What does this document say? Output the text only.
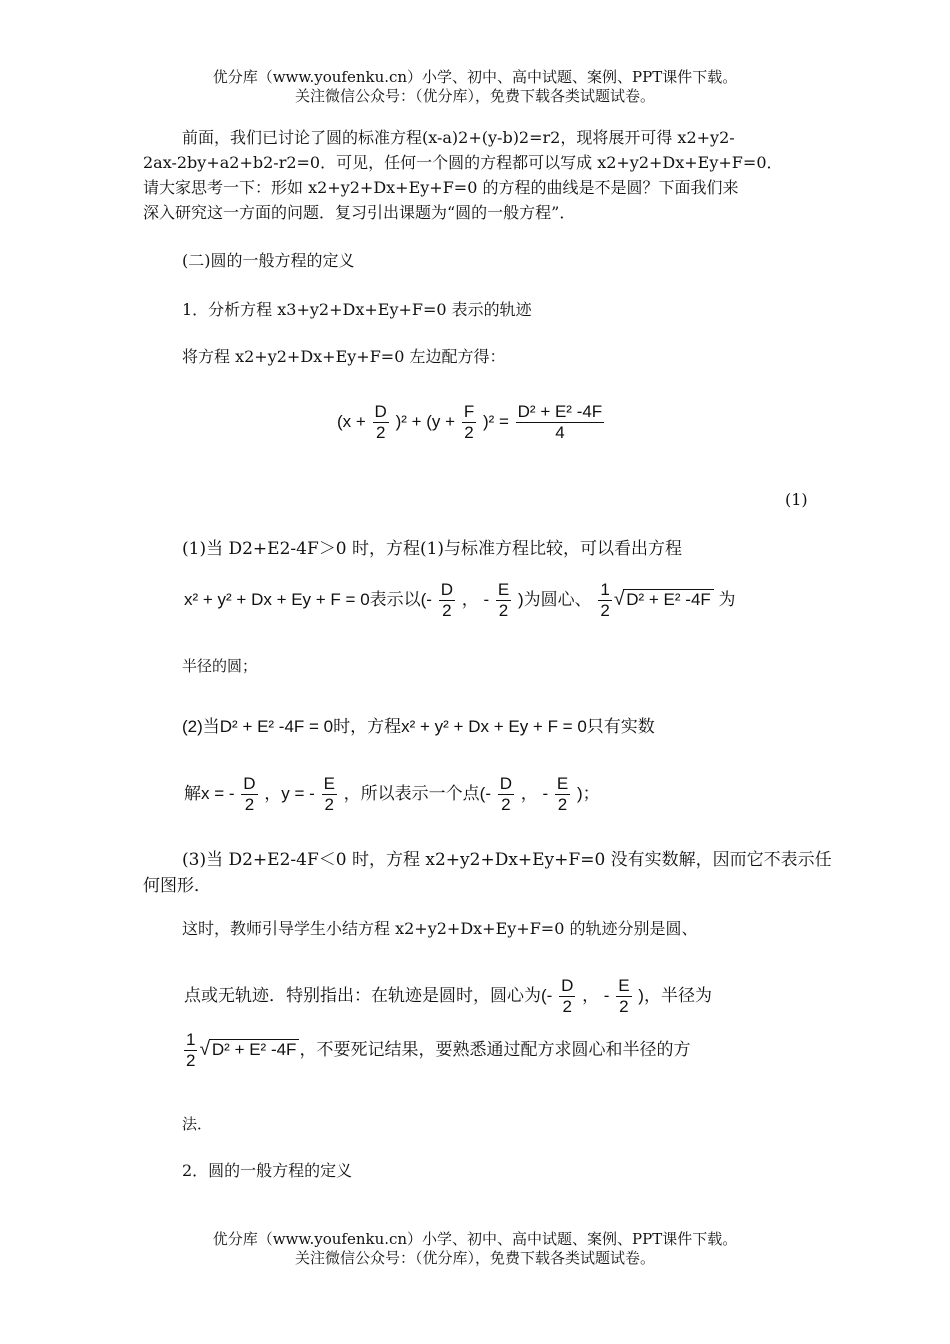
优分库（www.youfenku.cn）小学、初中、高中试题、案例、PPT课件下载。
关注微信公众号：（优分库），免费下载各类试题试卷。
前面，我们已讨论了圆的标准方程(x-a)2+(y-b)2=r2，现将展开可得 x2+y2-
2ax-2by+a2+b2-r2=0．可见，任何一个圆的方程都可以写成 x2+y2+Dx+Ey+F=0．
请大家思考一下：形如 x2+y2+Dx+Ey+F=0 的方程的曲线是不是圆？下面我们来
深入研究这一方面的问题．复习引出课题为“圆的一般方程”．
(二)圆的一般方程的定义
1．分析方程 x3+y2+Dx+Ey+F=0 表示的轨迹
将方程 x2+y2+Dx+Ey+F=0 左边配方得：
$(x + \frac{D}{2} )^2 + (y + \frac{F}{2} )^2 = \frac{\text{D² + E² -4F}}{4}$
(1)
(1)当 D2+E2-4F＞0 时，方程(1)与标准方程比较，可以看出方程
x² + y² + Dx + Ey + F = 0表示以(- $\frac{D}{2}$ ， - $\frac{E}{2}$ )为圆心、 $\frac{1}{2}$ √ D² + E² -4F 为
半径的圆；
(2)当D² + E² -4F = 0时，方程x² + y² + Dx + Ey + F = 0只有实数
解x = - $\frac{D}{2}$ ，y = - $\frac{E}{2}$ ，所以表示一个点(- $\frac{D}{2}$ ， - $\frac{E}{2}$ )；
(3)当 D2+E2-4F＜0 时，方程 x2+y2+Dx+Ey+F=0 没有实数解，因而它不表示任
何图形．
这时，教师引导学生小结方程 x2+y2+Dx+Ey+F=0 的轨迹分别是圆、
点或无轨迹．特别指出：在轨迹是圆时，圆心为(- $\frac{D}{2}$ ， - $\frac{E}{2}$ )，半径为
$\frac{1}{2}$ √ D² + E² -4F ，不要死记结果，要熟悉通过配方求圆心和半径的方
法．
2．圆的一般方程的定义
优分库（www.youfenku.cn）小学、初中、高中试题、案例、PPT课件下载。
关注微信公众号：（优分库），免费下载各类试题试卷。
